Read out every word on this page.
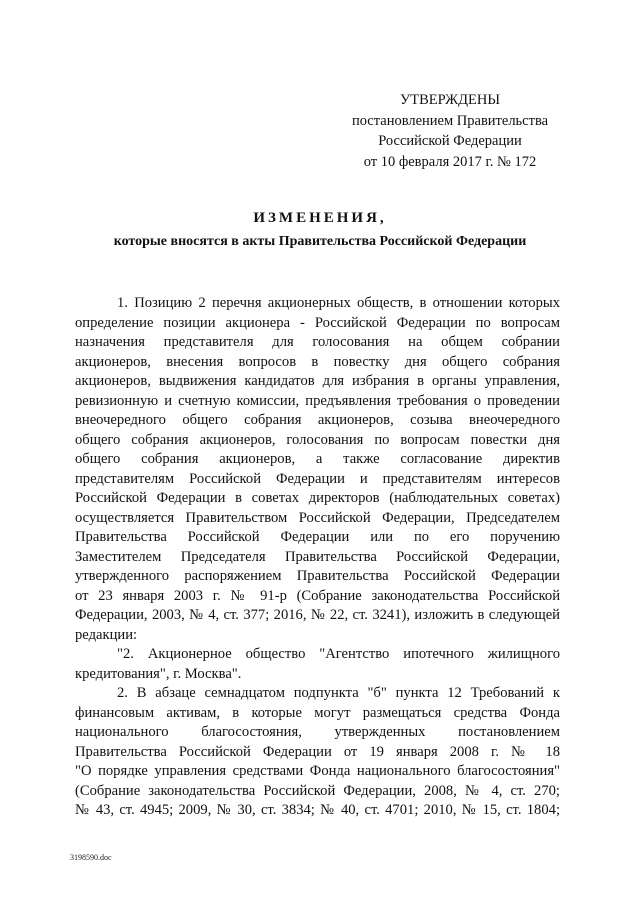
УТВЕРЖДЕНЫ
постановлением Правительства
Российской Федерации
от 10 февраля 2017 г. № 172
ИЗМЕНЕНИЯ,
которые вносятся в акты Правительства Российской Федерации
1. Позицию 2 перечня акционерных обществ, в отношении которых
определение позиции акционера - Российской Федерации по вопросам
назначения представителя для голосования на общем собрании
акционеров, внесения вопросов в повестку дня общего собрания
акционеров, выдвижения кандидатов для избрания в органы управления,
ревизионную и счетную комиссии, предъявления требования о проведении
внеочередного общего собрания акционеров, созыва внеочередного
общего собрания акционеров, голосования по вопросам повестки дня
общего собрания акционеров, а также согласование директив
представителям Российской Федерации и представителям интересов
Российской Федерации в советах директоров (наблюдательных советах)
осуществляется Правительством Российской Федерации, Председателем
Правительства Российской Федерации или по его поручению
Заместителем Председателя Правительства Российской Федерации,
утвержденного распоряжением Правительства Российской Федерации
от 23 января 2003 г. № 91-р (Собрание законодательства Российской
Федерации, 2003, № 4, ст. 377; 2016, № 22, ст. 3241), изложить в следующей
редакции:
"2. Акционерное общество "Агентство ипотечного жилищного
кредитования", г. Москва".
2. В абзаце семнадцатом подпункта "б" пункта 12 Требований к
финансовым активам, в которые могут размещаться средства Фонда
национального благосостояния, утвержденных постановлением
Правительства Российской Федерации от 19 января 2008 г. № 18
"О порядке управления средствами Фонда национального благосостояния"
(Собрание законодательства Российской Федерации, 2008, № 4, ст. 270;
№ 43, ст. 4945; 2009, № 30, ст. 3834; № 40, ст. 4701; 2010, № 15, ст. 1804;
3198590.doc
